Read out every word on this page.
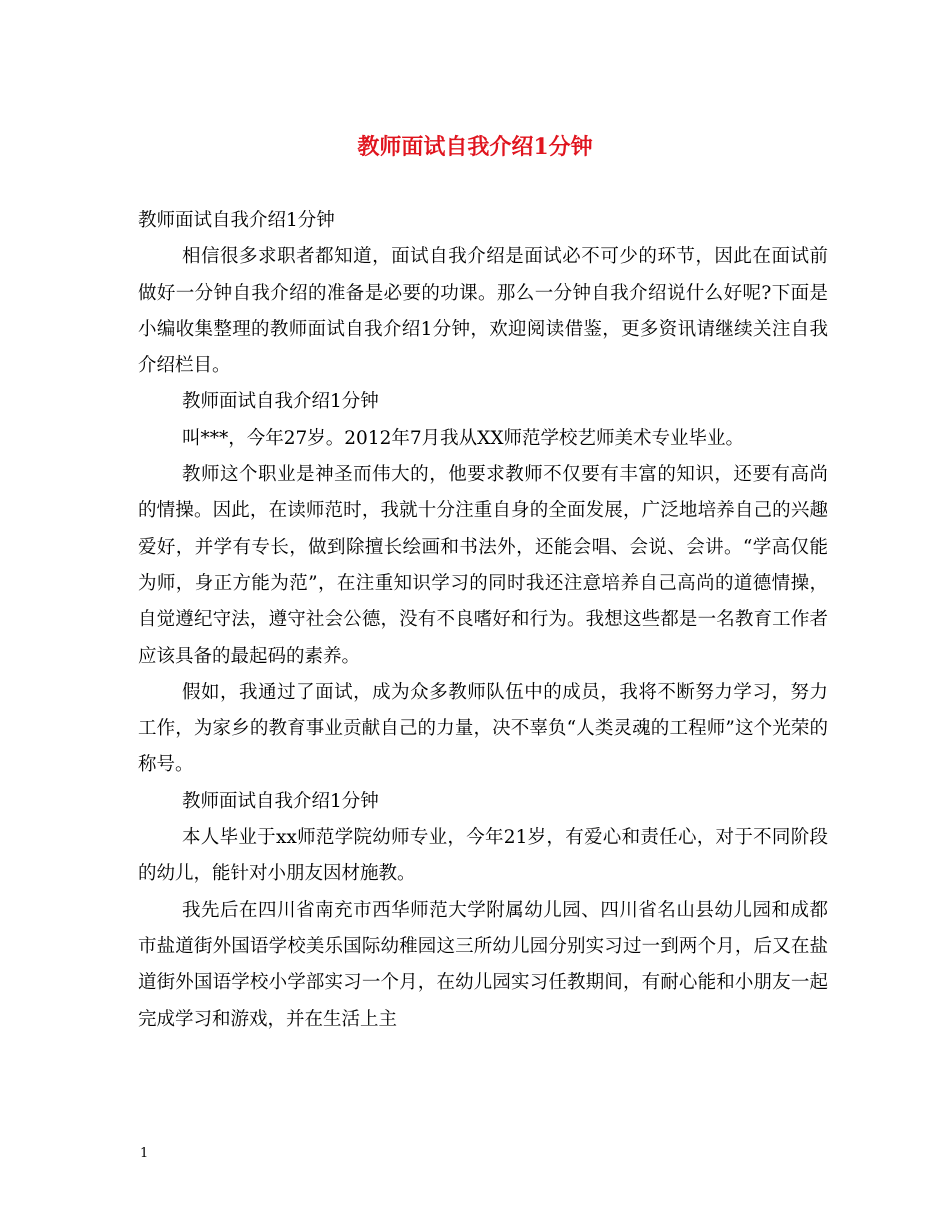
教师面试自我介绍1分钟

教师面试自我介绍1分钟

相信很多求职者都知道，面试自我介绍是面试必不可少的环节，因此在面试前做好一分钟自我介绍的准备是必要的功课。那么一分钟自我介绍说什么好呢?下面是小编收集整理的教师面试自我介绍1分钟，欢迎阅读借鉴，更多资讯请继续关注自我介绍栏目。

教师面试自我介绍1分钟

叫***，今年27岁。2012年7月我从XX师范学校艺师美术专业毕业。

教师这个职业是神圣而伟大的，他要求教师不仅要有丰富的知识，还要有高尚的情操。因此，在读师范时，我就十分注重自身的全面发展，广泛地培养自己的兴趣爱好，并学有专长，做到除擅长绘画和书法外，还能会唱、会说、会讲。“学高仅能为师，身正方能为范”，在注重知识学习的同时我还注意培养自己高尚的道德情操，自觉遵纪守法，遵守社会公德，没有不良嗜好和行为。我想这些都是一名教育工作者应该具备的最起码的素养。

假如，我通过了面试，成为众多教师队伍中的成员，我将不断努力学习，努力工作，为家乡的教育事业贡献自己的力量，决不辜负“人类灵魂的工程师”这个光荣的称号。

教师面试自我介绍1分钟

本人毕业于xx师范学院幼师专业，今年21岁，有爱心和责任心，对于不同阶段的幼儿，能针对小朋友因材施教。

我先后在四川省南充市西华师范大学附属幼儿园、四川省名山县幼儿园和成都市盐道街外国语学校美乐国际幼稚园这三所幼儿园分别实习过一到两个月，后又在盐道街外国语学校小学部实习一个月，在幼儿园实习任教期间，有耐心能和小朋友一起完成学习和游戏，并在生活上主

1
